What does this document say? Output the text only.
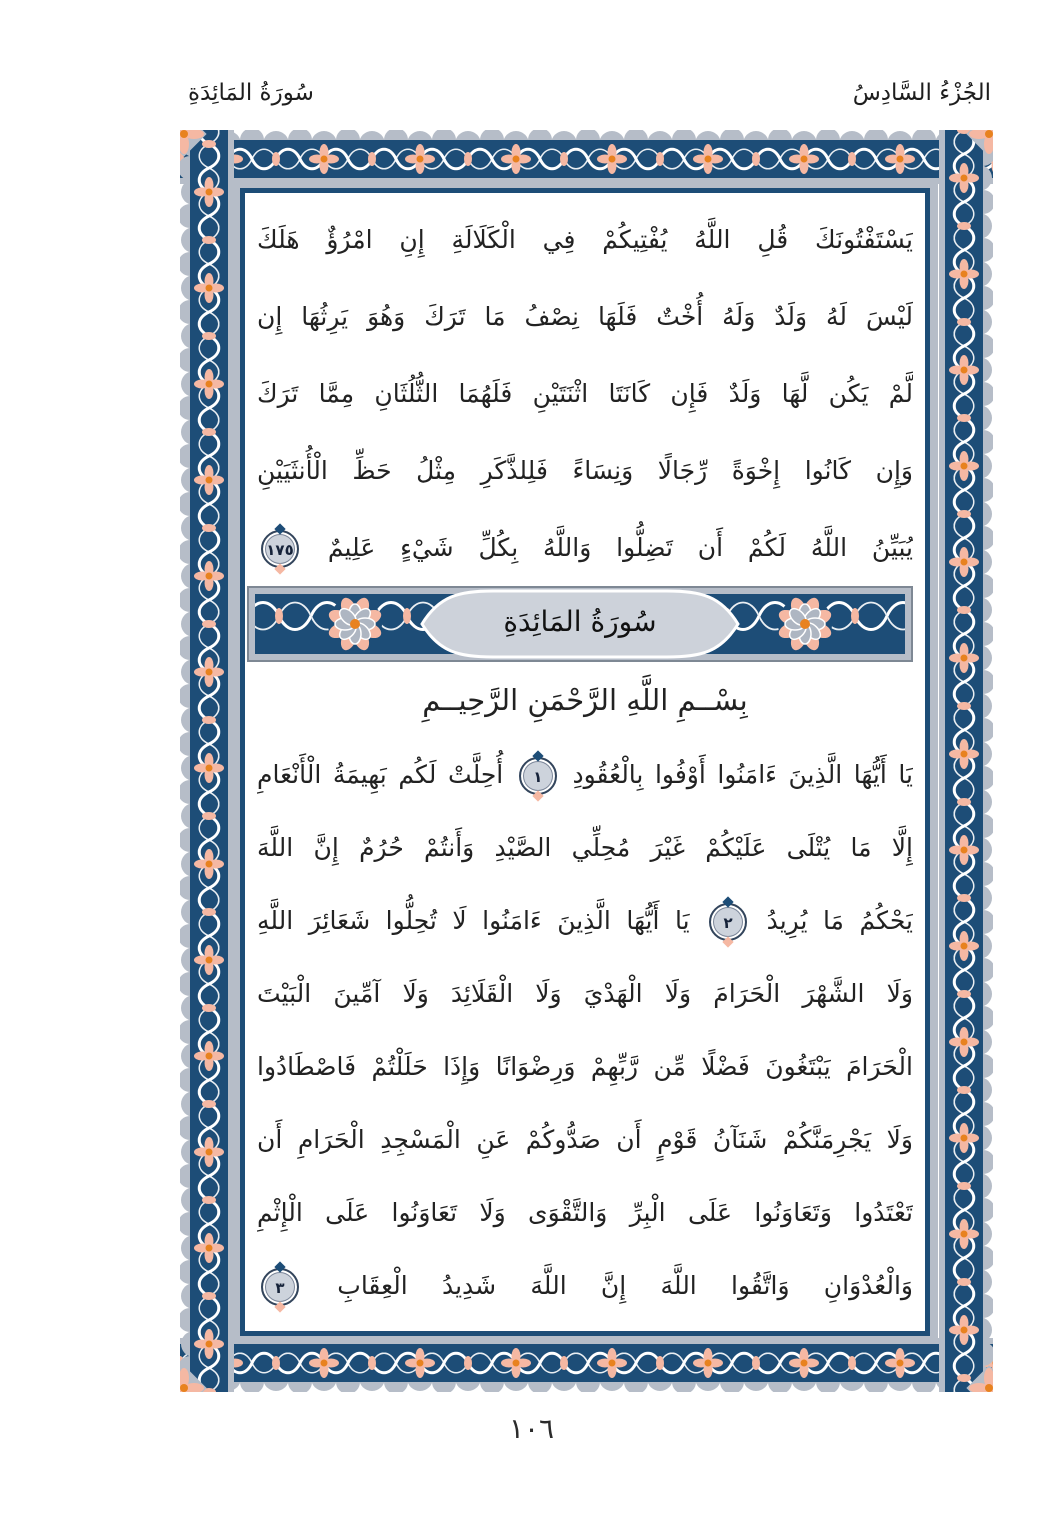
سُورَةُ المَائِدَةِ	الجُزْءُ السَّادِسُ
يَسْتَفْتُونَكَ قُلِ اللَّهُ يُفْتِيكُمْ فِي الْكَلَالَةِ إِنِ امْرُؤٌ هَلَكَ
لَيْسَ لَهُ وَلَدٌ وَلَهُ أُخْتٌ فَلَهَا نِصْفُ مَا تَرَكَ وَهُوَ يَرِثُهَا إِن
لَّمْ يَكُن لَّهَا وَلَدٌ فَإِن كَانَتَا اثْنَتَيْنِ فَلَهُمَا الثُّلُثَانِ مِمَّا تَرَكَ
وَإِن كَانُوا إِخْوَةً رِّجَالًا وَنِسَاءً فَلِلذَّكَرِ مِثْلُ حَظِّ الْأُنثَيَيْنِ
يُبَيِّنُ اللَّهُ لَكُمْ أَن تَضِلُّوا وَاللَّهُ بِكُلِّ شَيْءٍ عَلِيمٌ ١٧٥
سُورَةُ المَائِدَةِ
بِسْــمِ اللَّهِ الرَّحْمَنِ الرَّحِيــمِ
يَا أَيُّهَا الَّذِينَ ءَامَنُوا أَوْفُوا بِالْعُقُودِ ١ أُحِلَّتْ لَكُم بَهِيمَةُ الْأَنْعَامِ
إِلَّا مَا يُتْلَى عَلَيْكُمْ غَيْرَ مُحِلِّي الصَّيْدِ وَأَنتُمْ حُرُمٌ إِنَّ اللَّهَ
يَحْكُمُ مَا يُرِيدُ ٢ يَا أَيُّهَا الَّذِينَ ءَامَنُوا لَا تُحِلُّوا شَعَائِرَ اللَّهِ
وَلَا الشَّهْرَ الْحَرَامَ وَلَا الْهَدْيَ وَلَا الْقَلَائِدَ وَلَا آمِّينَ الْبَيْتَ
الْحَرَامَ يَبْتَغُونَ فَضْلًا مِّن رَّبِّهِمْ وَرِضْوَانًا وَإِذَا حَلَلْتُمْ فَاصْطَادُوا
وَلَا يَجْرِمَنَّكُمْ شَنَآنُ قَوْمٍ أَن صَدُّوكُمْ عَنِ الْمَسْجِدِ الْحَرَامِ أَن
تَعْتَدُوا وَتَعَاوَنُوا عَلَى الْبِرِّ وَالتَّقْوَى وَلَا تَعَاوَنُوا عَلَى الْإِثْمِ
وَالْعُدْوَانِ وَاتَّقُوا اللَّهَ إِنَّ اللَّهَ شَدِيدُ الْعِقَابِ ٣
١٠٦
